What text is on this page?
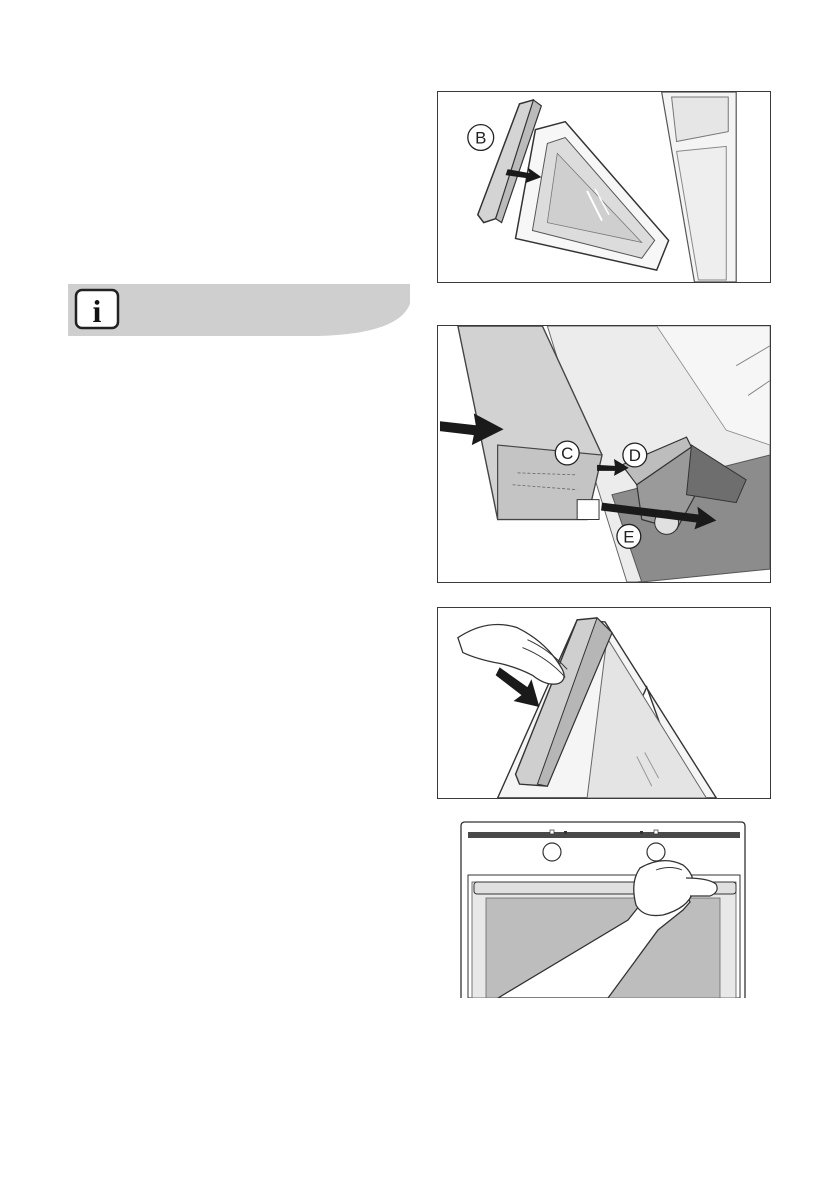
i
B
C	D
E
